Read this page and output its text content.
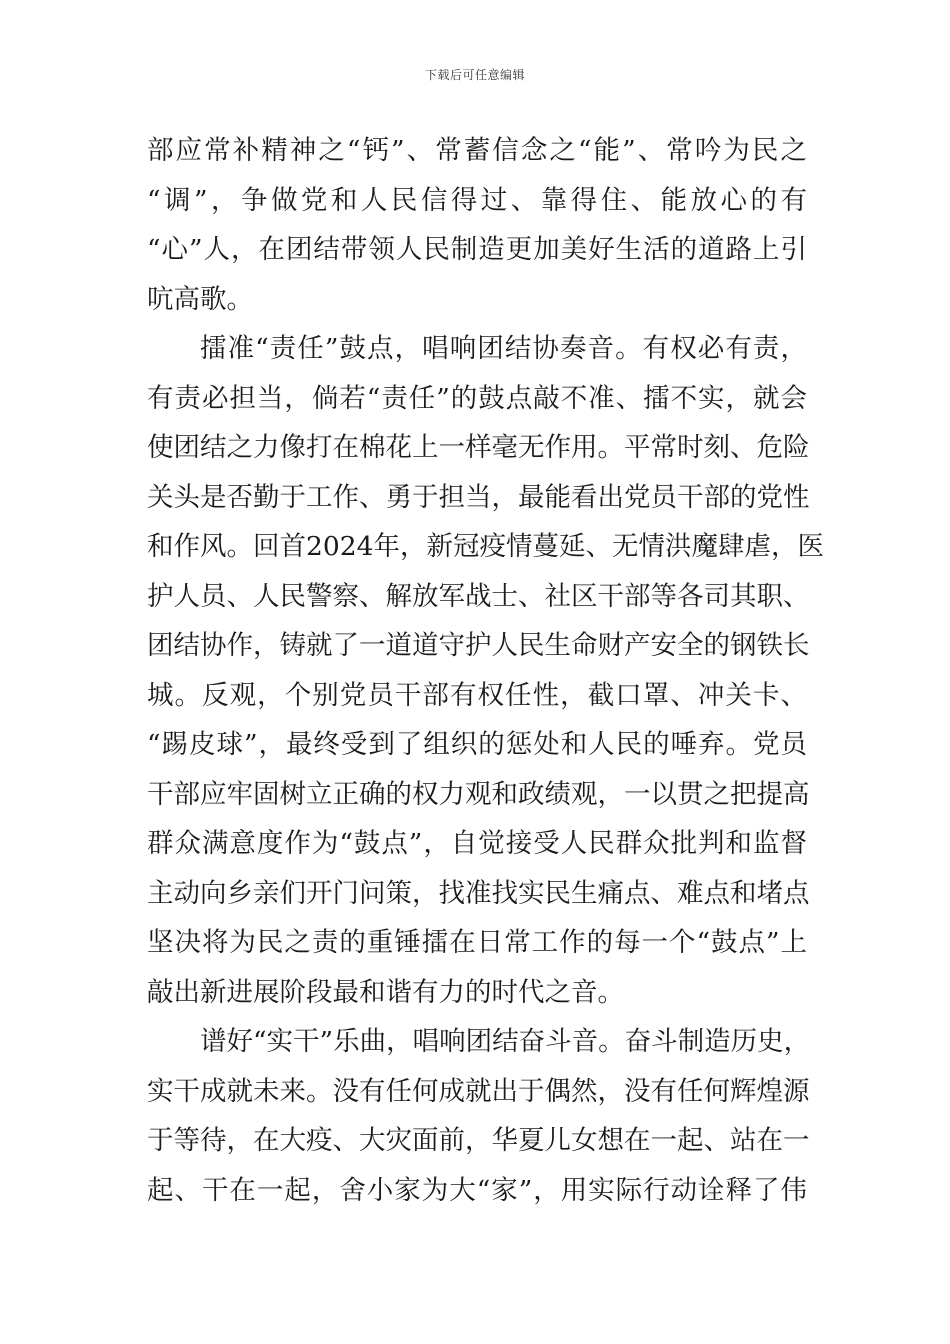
下载后可任意编辑
部应常补精神之“钙”、常蓄信念之“能”、常吟为民之
“调”，争做党和人民信得过、靠得住、能放心的有
“心”人，在团结带领人民制造更加美好生活的道路上引
吭高歌。
擂准“责任”鼓点，唱响团结协奏音。有权必有责，
有责必担当，倘若“责任”的鼓点敲不准、擂不实，就会
使团结之力像打在棉花上一样毫无作用。平常时刻、危险
关头是否勤于工作、勇于担当，最能看出党员干部的党性
和作风。回首2024年，新冠疫情蔓延、无情洪魔肆虐，医
护人员、人民警察、解放军战士、社区干部等各司其职、
团结协作，铸就了一道道守护人民生命财产安全的钢铁长
城。反观，个别党员干部有权任性，截口罩、冲关卡、
“踢皮球”，最终受到了组织的惩处和人民的唾弃。党员
干部应牢固树立正确的权力观和政绩观，一以贯之把提高
群众满意度作为“鼓点”，自觉接受人民群众批判和监督
主动向乡亲们开门问策，找准找实民生痛点、难点和堵点
坚决将为民之责的重锤擂在日常工作的每一个“鼓点”上
敲出新进展阶段最和谐有力的时代之音。
谱好“实干”乐曲，唱响团结奋斗音。奋斗制造历史，
实干成就未来。没有任何成就出于偶然，没有任何辉煌源
于等待，在大疫、大灾面前，华夏儿女想在一起、站在一
起、干在一起，舍小家为大“家”，用实际行动诠释了伟
